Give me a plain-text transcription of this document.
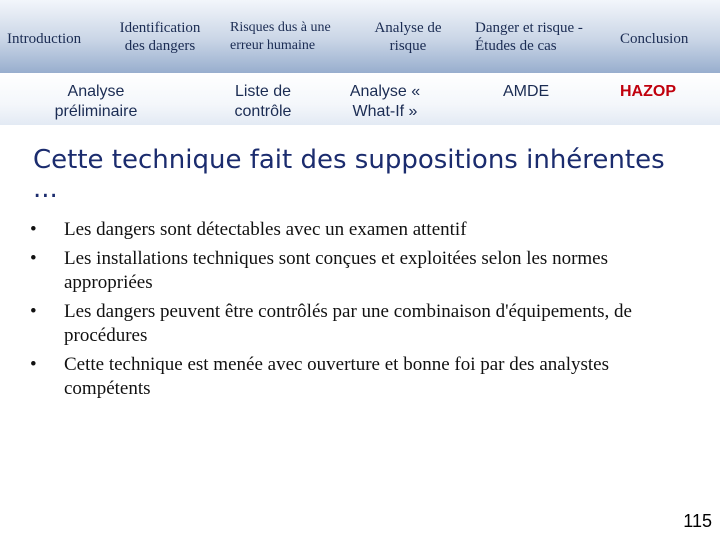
Introduction
Identification des dangers
Risques dus à une erreur humaine
Analyse de risque
Danger et risque - Études de cas	Conclusion
Analyse préliminaire
Liste de contrôle
Analyse « What-If »
AMDE	HAZOP
Cette technique fait des suppositions inhérentes ...
•	Les dangers sont détectables avec un examen attentif
•	Les installations techniques sont conçues et exploitées selon les normes appropriées
•	Les dangers peuvent être contrôlés par une combinaison d'équipements, de procédures
•	Cette technique est menée avec ouverture et bonne foi par des analystes compétents
115
